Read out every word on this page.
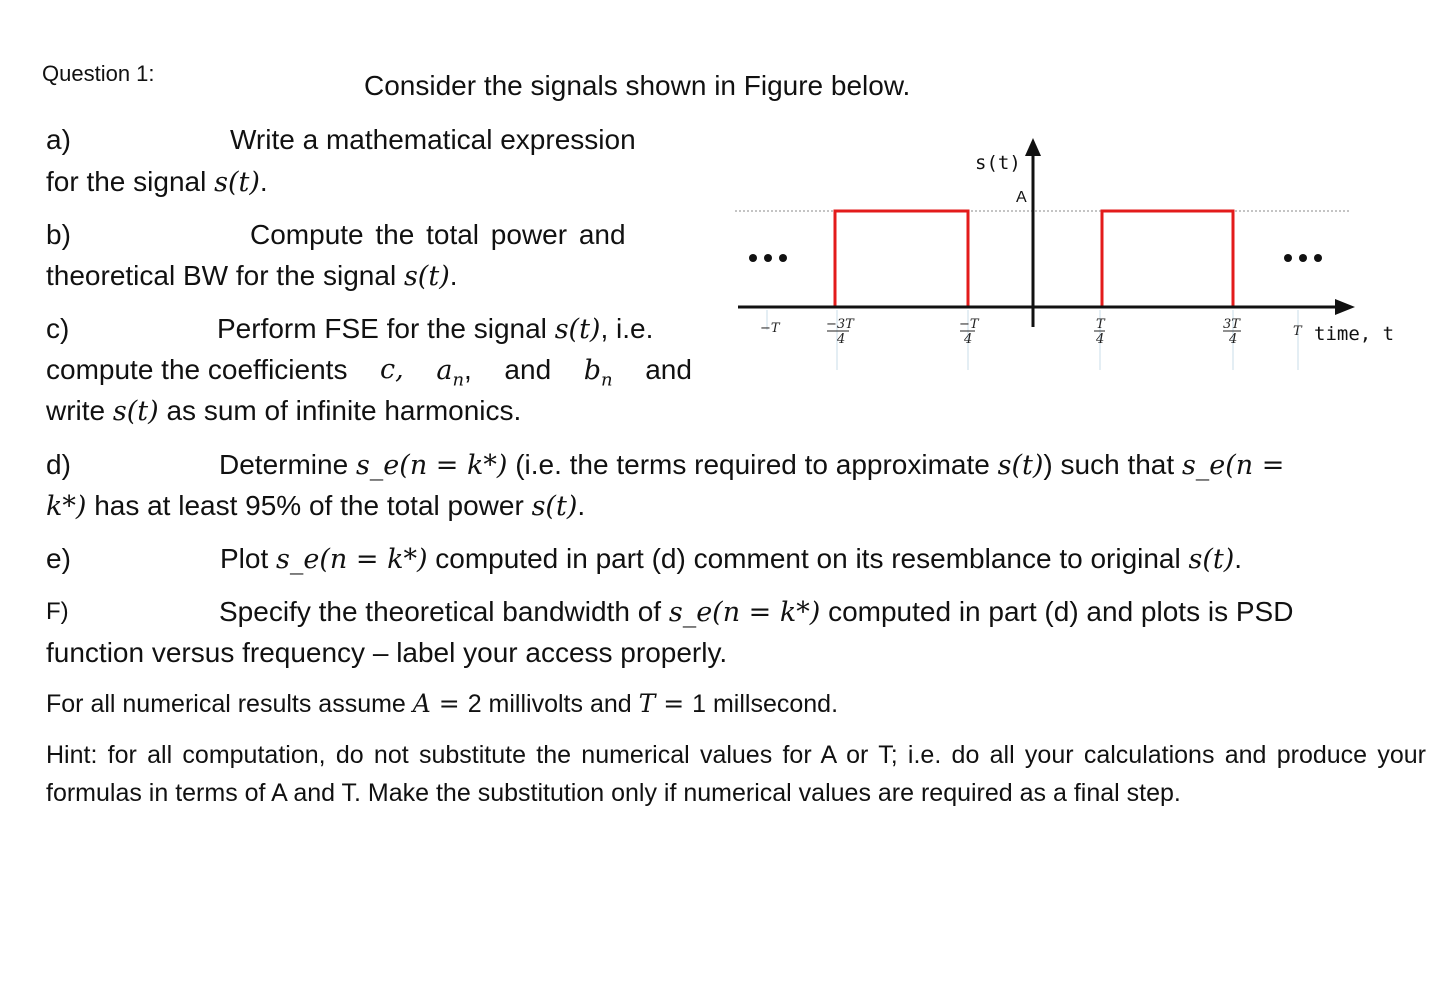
Question 1:	Consider the signals shown in Figure below.
a)	Write a mathematical expression
for the signal s(t).
b)	Compute the total power and
theoretical BW for the signal s(t).
c)	Perform FSE for the signal s(t), i.e.
compute the coefficients c, $a_n$, and $b_n$ and
write s(t) as sum of infinite harmonics.
d)	Determine s_e(n = k*) (i.e. the terms required to approximate s(t)) such that s_e(n =
k*) has at least 95% of the total power s(t).
e)	Plot s_e(n = k*) computed in part (d) comment on its resemblance to original s(t).
F)	Specify the theoretical bandwidth of s_e(n = k*) computed in part (d) and plots is PSD
function versus frequency – label your access properly.
For all numerical results assume A = 2 millivolts and T = 1 millsecond.
Hint: for all computation, do not substitute the numerical values for A or T; i.e. do all your calculations and produce your formulas in terms of A and T. Make the substitution only if numerical values are required as a final step.
s(t)
A
time, t
−T	−3T
4
−T
4
T
4
3T
4
T
